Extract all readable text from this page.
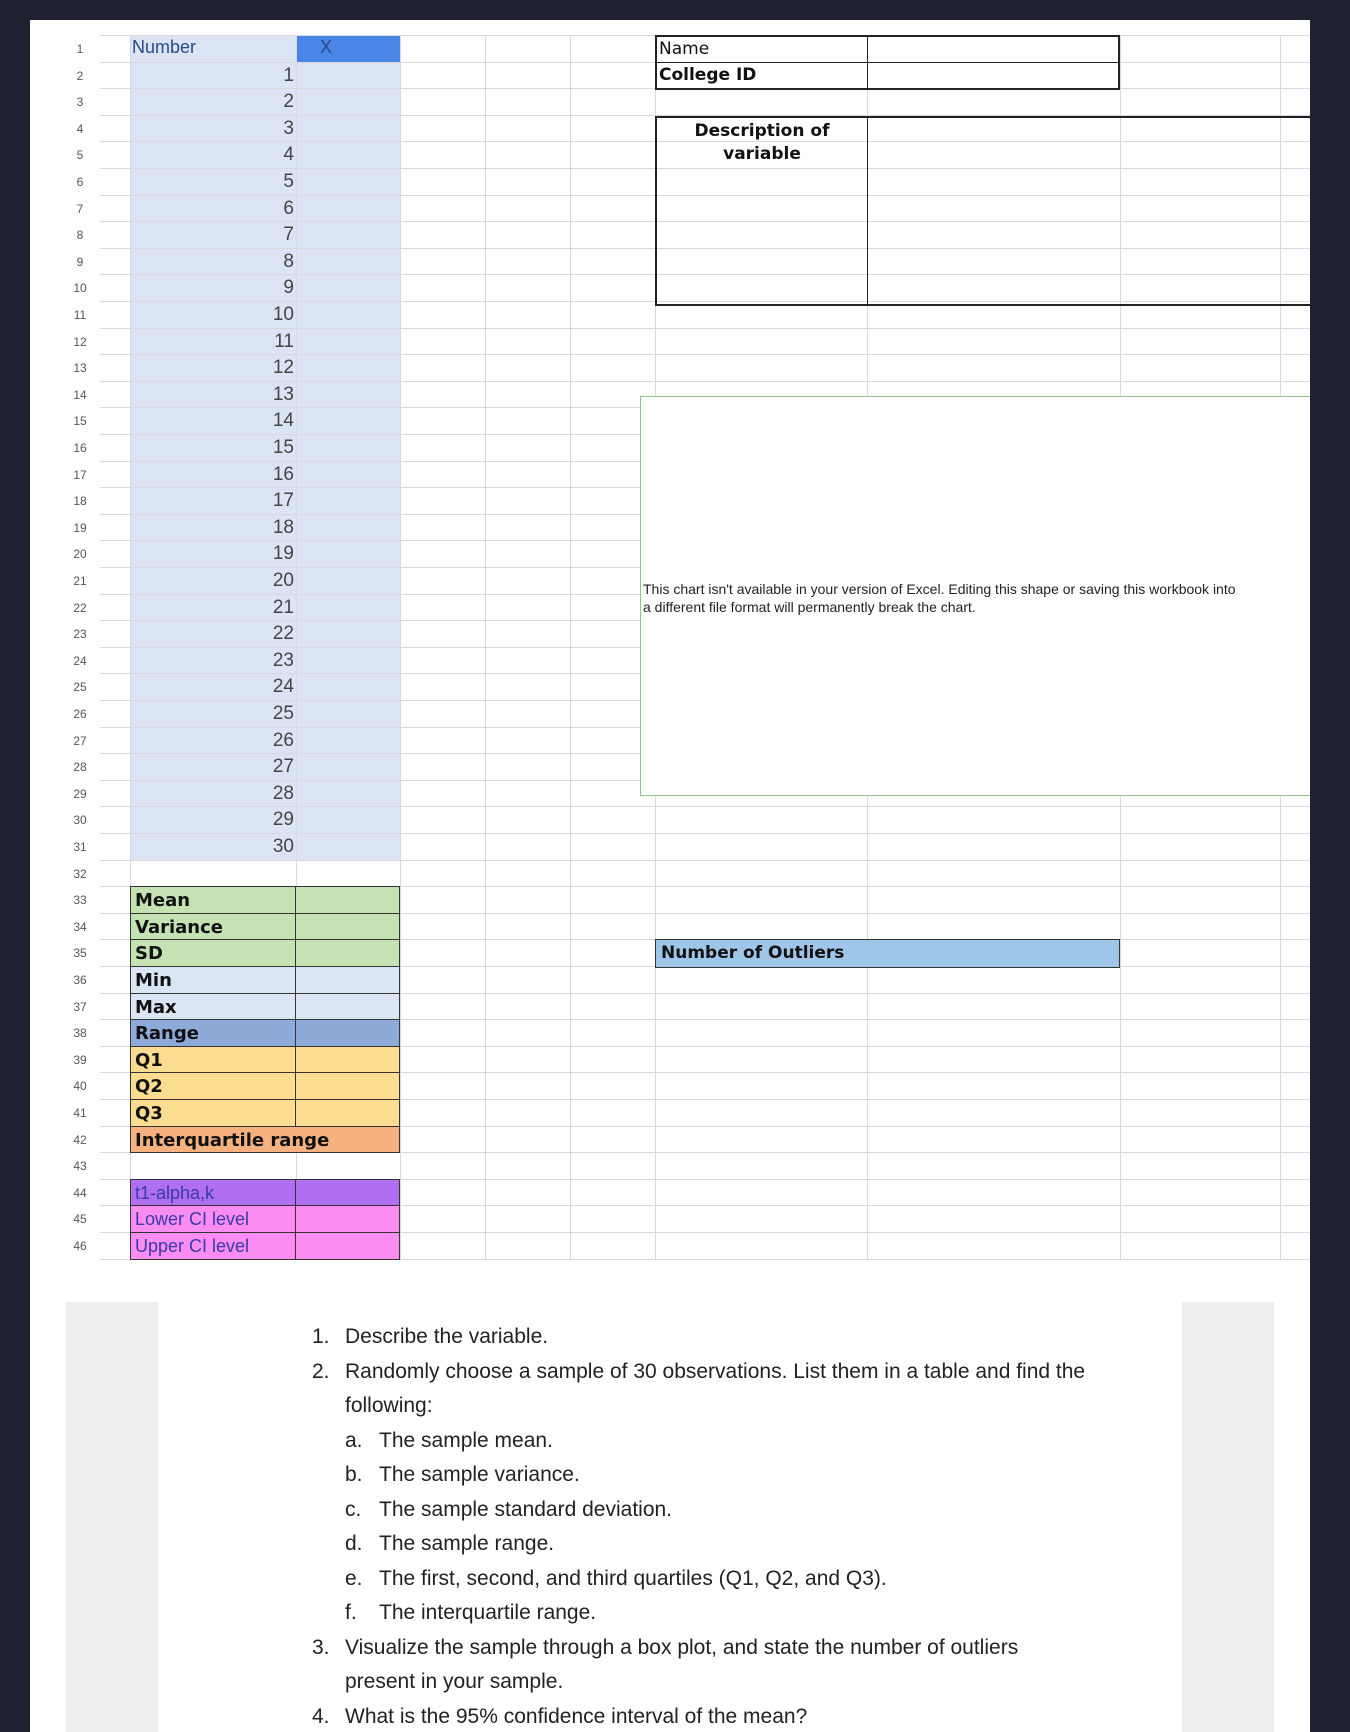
1
2
3
4
5
6
7
8
9
10
11
12
13
14
15
16
17
18
19
20
21
22
23
24
25
26
27
28
29
30
31
32
33
34
35
36
37
38
39
40
41
42
43
44
45
46
Number	X
1
2
3
4
5
6
7
8
9
10
11
12
13
14
15
16
17
18
19
20
21
22
23
24
25
26
27
28
29
30
Mean
Variance
SD
Min
Max
Range
Q1
Q2
Q3
Interquartile range
t1-alpha,k
Lower CI level
Upper CI level
Name
College ID
Description of
variable
This chart isn't available in your version of Excel. Editing this shape or saving this workbook into a different file format will permanently break the chart.
Number of Outliers
1. Describe the variable.
2. Randomly choose a sample of 30 observations. List them in a table and find the following:
a. The sample mean.
b. The sample variance.
c. The sample standard deviation.
d. The sample range.
e. The first, second, and third quartiles (Q1, Q2, and Q3).
f. The interquartile range.
3. Visualize the sample through a box plot, and state the number of outliers present in your sample.
4. What is the 95% confidence interval of the mean?
